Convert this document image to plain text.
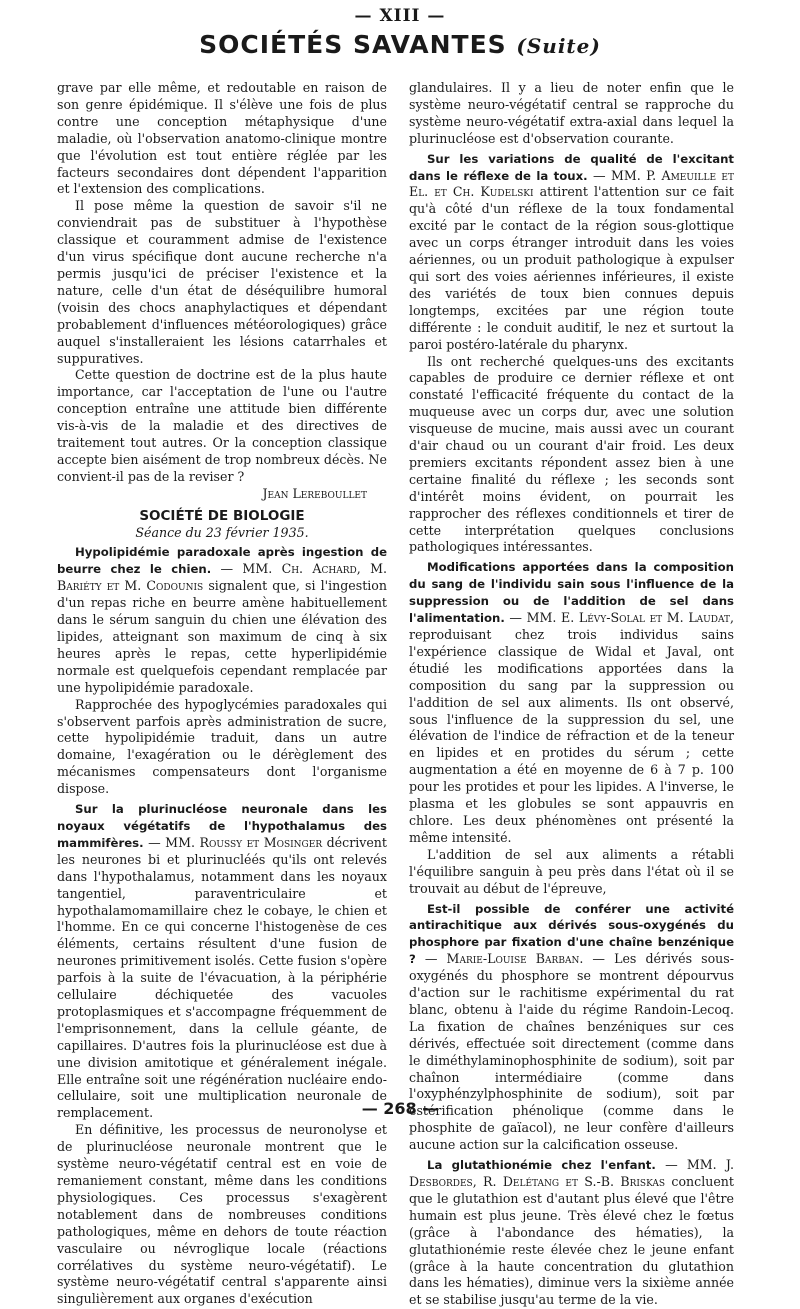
— XIII —
SOCIÉTÉS SAVANTES (Suite)

grave par elle même, et redoutable en raison de son genre épidémique. Il s'élève une fois de plus contre une conception métaphysique d'une maladie, où l'observation anatomo-clinique montre que l'évolution est tout entière réglée par les facteurs secondaires dont dépendent l'apparition et l'extension des complications.

Il pose même la question de savoir s'il ne conviendrait pas de substituer à l'hypothèse classique et couramment admise de l'existence d'un virus spécifique dont aucune recherche n'a permis jusqu'ici de préciser l'existence et la nature, celle d'un état de déséquilibre humoral (voisin des chocs anaphylactiques et dépendant probablement d'influences météorologiques) grâce auquel s'installeraient les lésions catarrhales et suppuratives.

Cette question de doctrine est de la plus haute importance, car l'acceptation de l'une ou l'autre conception entraîne une attitude bien différente vis-à-vis de la maladie et des directives de traitement tout autres. Or la conception classique accepte bien aisément de trop nombreux décès. Ne convient-il pas de la reviser ?

Jean Lereboullet

SOCIÉTÉ DE BIOLOGIE

Séance du 23 février 1935.

Hypolipidémie paradoxale après ingestion de beurre chez le chien. — MM. Ch. Achard, M. Bariéty et M. Codounis signalent que, si l'ingestion d'un repas riche en beurre amène habituellement dans le sérum sanguin du chien une élévation des lipides, atteignant son maximum de cinq à six heures après le repas, cette hyperlipidémie normale est quelquefois cependant remplacée par une hypolipidémie paradoxale.

Rapprochée des hypoglycémies paradoxales qui s'observent parfois après administration de sucre, cette hypolipidémie traduit, dans un autre domaine, l'exagération ou le dérèglement des mécanismes compensateurs dont l'organisme dispose.

Sur la plurinucléose neuronale dans les noyaux végétatifs de l'hypothalamus des mammifères. — MM. Roussy et Mosinger décrivent les neurones bi et plurinucléés qu'ils ont relevés dans l'hypothalamus, notamment dans les noyaux tangentiel, paraventriculaire et hypothalamomamillaire chez le cobaye, le chien et l'homme. En ce qui concerne l'histogenèse de ces éléments, certains résultent d'une fusion de neurones primitivement isolés. Cette fusion s'opère parfois à la suite de l'évacuation, à la périphérie cellulaire déchiquetée des vacuoles protoplasmiques et s'accompagne fréquemment de l'emprisonnement, dans la cellule géante, de capillaires. D'autres fois la plurinucléose est due à une division amitotique et généralement inégale. Elle entraîne soit une régénération nucléaire endo-cellulaire, soit une multiplication neuronale de remplacement.

En définitive, les processus de neuronolyse et de plurinucléose neuronale montrent que le système neuro-végétatif central est en voie de remaniement constant, même dans les conditions physiologiques. Ces processus s'exagèrent notablement dans de nombreuses conditions pathologiques, même en dehors de toute réaction vasculaire ou névroglique locale (réactions corrélatives du système neuro-végétatif). Le système neuro-végétatif central s'apparente ainsi singulièrement aux organes d'exécution

glandulaires. Il y a lieu de noter enfin que le système neuro-végétatif central se rapproche du système neuro-végétatif extra-axial dans lequel la plurinucléose est d'observation courante.

Sur les variations de qualité de l'excitant dans le réflexe de la toux. — MM. P. Ameuille et El. et Ch. Kudelski attirent l'attention sur ce fait qu'à côté d'un réflexe de la toux fondamental excité par le contact de la région sous-glottique avec un corps étranger introduit dans les voies aériennes, ou un produit pathologique à expulser qui sort des voies aériennes inférieures, il existe des variétés de toux bien connues depuis longtemps, excitées par une région toute différente : le conduit auditif, le nez et surtout la paroi postéro-latérale du pharynx.

Ils ont recherché quelques-uns des excitants capables de produire ce dernier réflexe et ont constaté l'efficacité fréquente du contact de la muqueuse avec un corps dur, avec une solution visqueuse de mucine, mais aussi avec un courant d'air chaud ou un courant d'air froid. Les deux premiers excitants répondent assez bien à une certaine finalité du réflexe ; les seconds sont d'intérêt moins évident, on pourrait les rapprocher des réflexes conditionnels et tirer de cette interprétation quelques conclusions pathologiques intéressantes.

Modifications apportées dans la composition du sang de l'individu sain sous l'influence de la suppression ou de l'addition de sel dans l'alimentation. — MM. E. Lévy-Solal et M. Laudat, reproduisant chez trois individus sains l'expérience classique de Widal et Javal, ont étudié les modifications apportées dans la composition du sang par la suppression ou l'addition de sel aux aliments. Ils ont observé, sous l'influence de la suppression du sel, une élévation de l'indice de réfraction et de la teneur en lipides et en protides du sérum ; cette augmentation a été en moyenne de 6 à 7 p. 100 pour les protides et pour les lipides. A l'inverse, le plasma et les globules se sont appauvris en chlore. Les deux phénomènes ont présenté la même intensité.

L'addition de sel aux aliments a rétabli l'équilibre sanguin à peu près dans l'état où il se trouvait au début de l'épreuve,

Est-il possible de conférer une activité antirachitique aux dérivés sous-oxygénés du phosphore par fixation d'une chaîne benzénique ? — Marie-Louise Barban. — Les dérivés sous-oxygénés du phosphore se montrent dépourvus d'action sur le rachitisme expérimental du rat blanc, obtenu à l'aide du régime Randoin-Lecoq. La fixation de chaînes benzéniques sur ces dérivés, effectuée soit directement (comme dans le diméthylaminophosphinite de sodium), soit par chaînon intermédiaire (comme dans l'oxyphénzylphosphinite de sodium), soit par estérification phénolique (comme dans le phosphite de gaïacol), ne leur confère d'ailleurs aucune action sur la calcification osseuse.

La glutathionémie chez l'enfant. — MM. J. Desbordes, R. Delétang et S.-B. Briskas concluent que le glutathion est d'autant plus élevé que l'être humain est plus jeune. Très élevé chez le fœtus (grâce à l'abondance des hématies), la glutathionémie reste élevée chez le jeune enfant (grâce à la haute concentration du glutathion dans les hématies), diminue vers la sixième année et se stabilise jusqu'au terme de la vie.

— 268 —
